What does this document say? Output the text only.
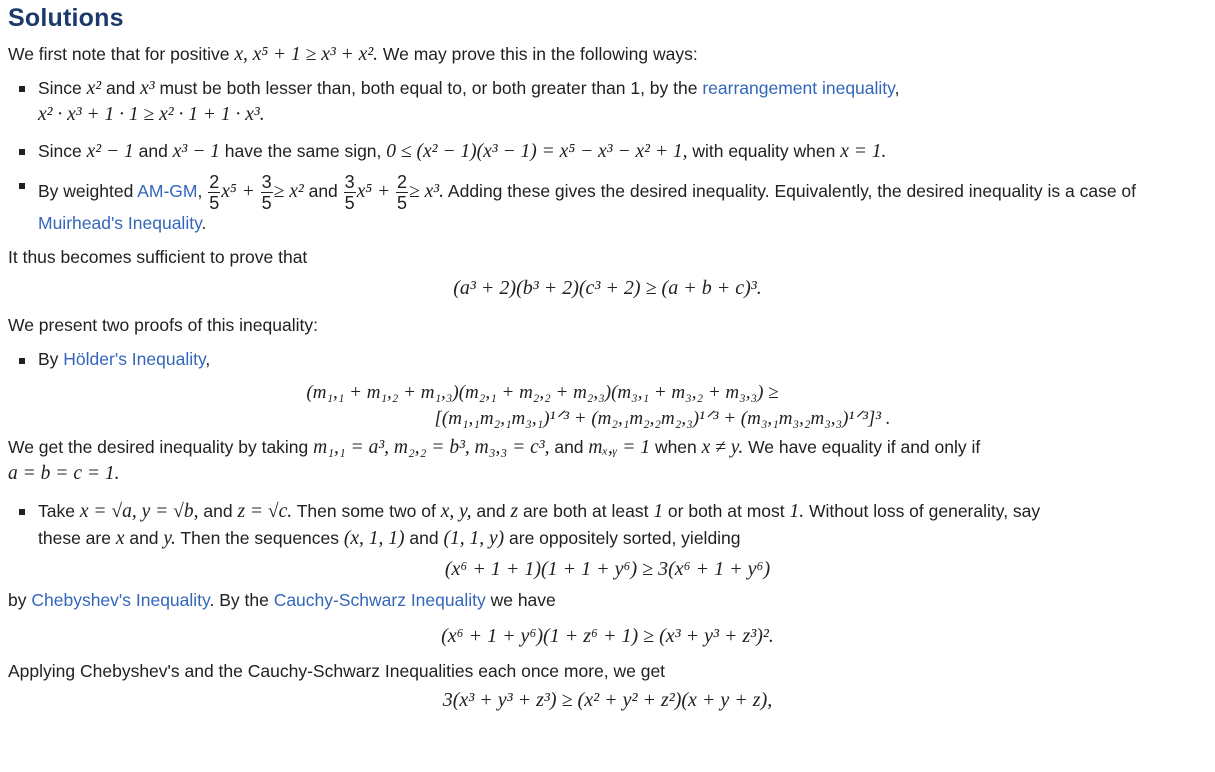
Solutions

We first note that for positive x, x⁵ + 1 ≥ x³ + x². We may prove this in the following ways:

Since x² and x³ must be both lesser than, both equal to, or both greater than 1, by the rearrangement inequality,
x² · x³ + 1 · 1 ≥ x² · 1 + 1 · x³.
Since x² − 1 and x³ − 1 have the same sign, 0 ≤ (x² − 1)(x³ − 1) = x⁵ − x³ − x² + 1, with equality when x = 1.
By weighted AM-GM, $\frac{2}{5} x^5 + \frac{3}{5} \ge x^2$ and $\frac{3}{5} x^5 + \frac{2}{5} \ge x^3$. Adding these gives the desired inequality. Equivalently, the desired inequality is a case of Muirhead's Inequality.

It thus becomes sufficient to prove that

(a³ + 2)(b³ + 2)(c³ + 2) ≥ (a + b + c)³.

We present two proofs of this inequality:

By Hölder's Inequality,
(m₁,₁ + m₁,₂ + m₁,₃)(m₂,₁ + m₂,₂ + m₂,₃)(m₃,₁ + m₃,₂ + m₃,₃) ≥
[(m₁,₁m₂,₁m₃,₁)¹ᐟ³ + (m₂,₁m₂,₂m₂,₃)¹ᐟ³ + (m₃,₁m₃,₂m₃,₃)¹ᐟ³]³ .

We get the desired inequality by taking m₁,₁ = a³, m₂,₂ = b³, m₃,₃ = c³, and mₓ,ᵧ = 1 when x ≠ y. We have equality if and only if
a = b = c = 1.

Take x = √a, y = √b, and z = √c. Then some two of x, y, and z are both at least 1 or both at most 1. Without loss of generality, say
these are x and y. Then the sequences (x, 1, 1) and (1, 1, y) are oppositely sorted, yielding
(x⁶ + 1 + 1)(1 + 1 + y⁶) ≥ 3(x⁶ + 1 + y⁶)

by Chebyshev's Inequality. By the Cauchy-Schwarz Inequality we have

(x⁶ + 1 + y⁶)(1 + z⁶ + 1) ≥ (x³ + y³ + z³)².

Applying Chebyshev's and the Cauchy-Schwarz Inequalities each once more, we get

3(x³ + y³ + z³) ≥ (x² + y² + z²)(x + y + z),
